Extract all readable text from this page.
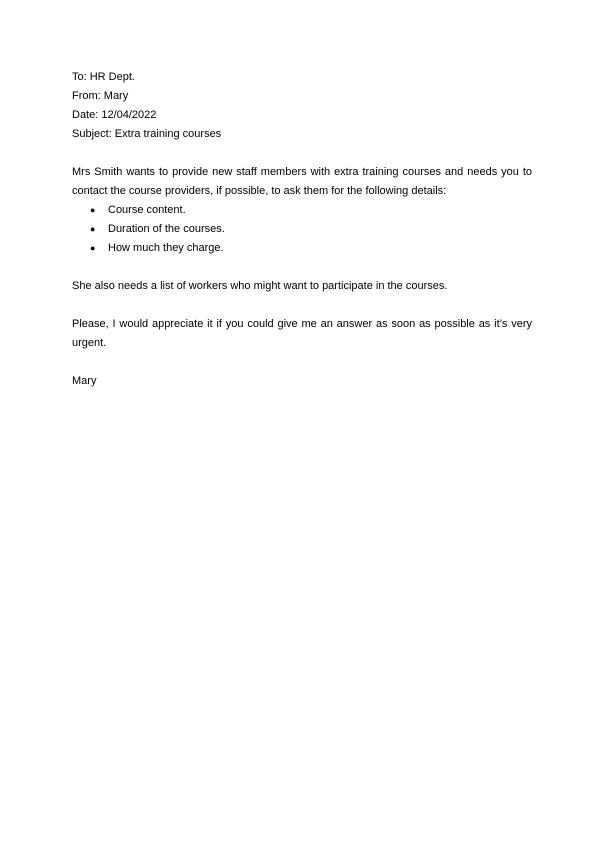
To: HR Dept.
From: Mary
Date: 12/04/2022
Subject: Extra training courses

Mrs Smith wants to provide new staff members with extra training courses and needs you to contact the course providers, if possible, to ask them for the following details:

● Course content.
● Duration of the courses.
● How much they charge.

She also needs a list of workers who might want to participate in the courses.

Please, I would appreciate it if you could give me an answer as soon as possible as it’s very urgent.

Mary
